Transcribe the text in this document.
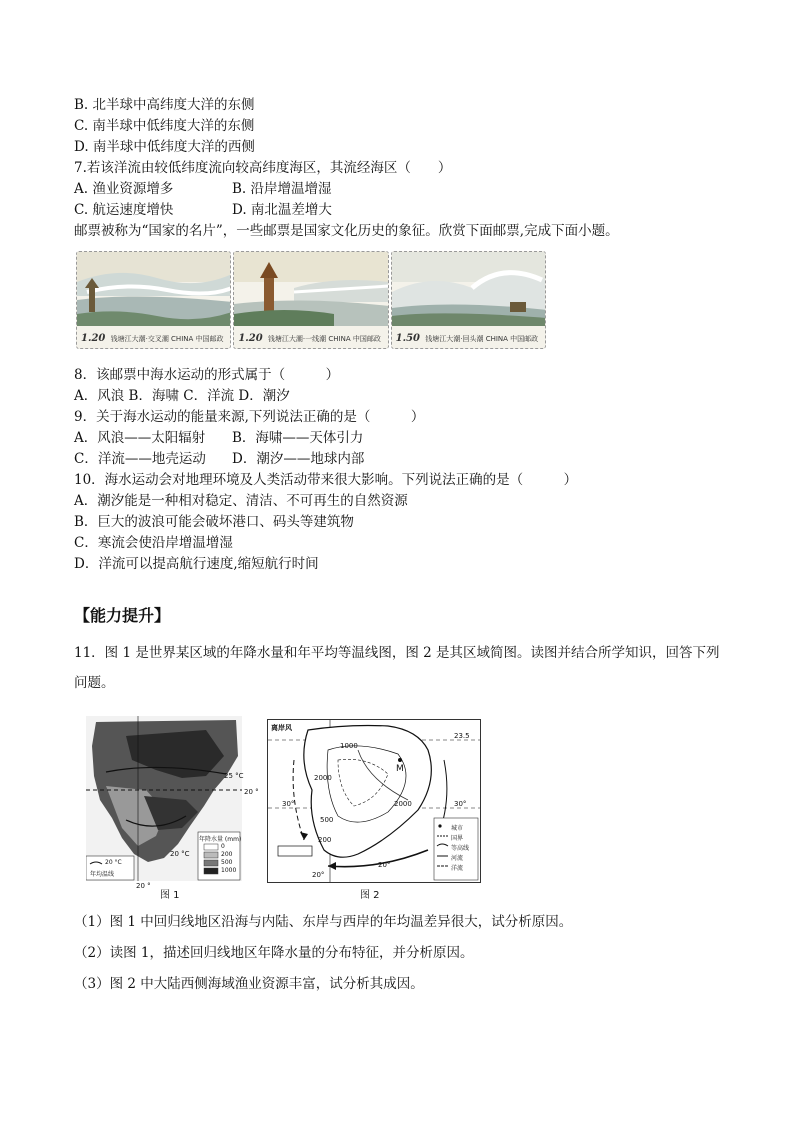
B. 北半球中高纬度大洋的东侧
C. 南半球中低纬度大洋的东侧
D. 南半球中低纬度大洋的西侧
7.若该洋流由较低纬度流向较高纬度海区，其流经海区（　　）
A. 渔业资源增多	B. 沿岸增温增湿
C. 航运速度增快	D. 南北温差增大
邮票被称为“国家的名片”，一些邮票是国家文化历史的象征。欣赏下面邮票,完成下面小题。
1.20 钱塘江大潮·交叉潮 CHINA 中国邮政 1.20 钱塘江大潮·一线潮 CHINA 中国邮政 1.50 钱塘江大潮·回头潮 CHINA 中国邮政
8．该邮票中海水运动的形式属于（　　　）
A．风浪 B．海啸 C．洋流 D．潮汐
9．关于海水运动的能量来源,下列说法正确的是（　　　）
A．风浪——太阳辐射 B．海啸——天体引力
C．洋流——地壳运动 D．潮汐——地球内部
10．海水运动会对地理环境及人类活动带来很大影响。下列说法正确的是（　　　）
A．潮汐能是一种相对稳定、清洁、不可再生的自然资源
B．巨大的波浪可能会破坏港口、码头等建筑物
C．寒流会使沿岸增温增湿
D．洋流可以提高航行速度,缩短航行时间
【能力提升】
11．图 1 是世界某区域的年降水量和年平均等温线图，图 2 是其区域简图。读图并结合所学知识，回答下列问题。
25 °C
20 °
20 °C
20 °
年降水量 (mm)
0
200
500
1000
20 °C
年均温线
图 1
离岸风
23.5
M
1000
2000
2000
500
200
30°	30°
20°
20°
城市
国界
等高线
河流
洋流
图 2
（1）图 1 中回归线地区沿海与内陆、东岸与西岸的年均温差异很大，试分析原因。
（2）读图 1，描述回归线地区年降水量的分布特征，并分析原因。
（3）图 2 中大陆西侧海域渔业资源丰富，试分析其成因。
